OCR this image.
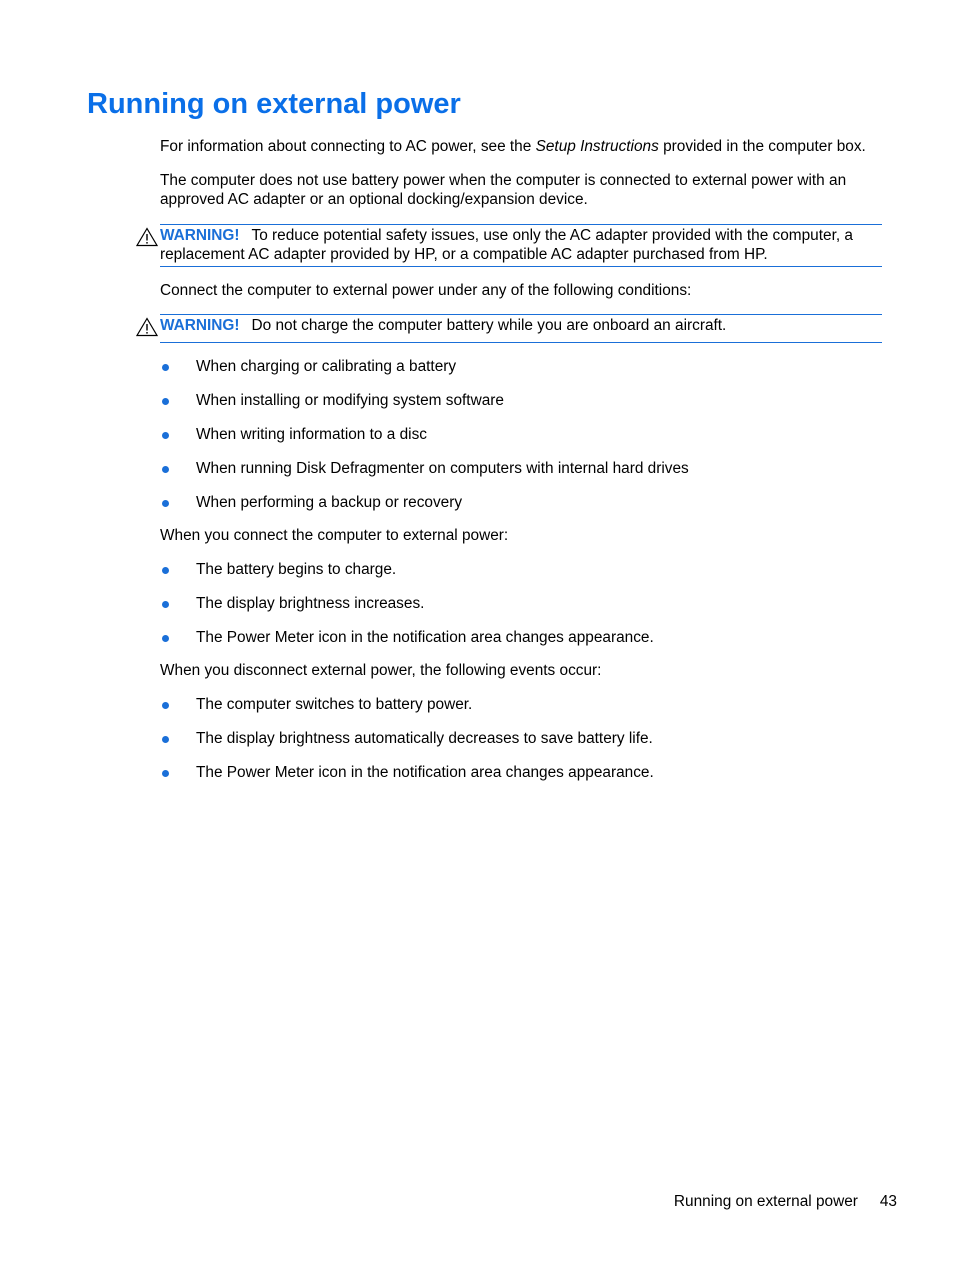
Running on external power

For information about connecting to AC power, see the Setup Instructions provided in the computer box.

The computer does not use battery power when the computer is connected to external power with an approved AC adapter or an optional docking/expansion device.

WARNING! To reduce potential safety issues, use only the AC adapter provided with the computer, a replacement AC adapter provided by HP, or a compatible AC adapter purchased from HP.

Connect the computer to external power under any of the following conditions:

WARNING! Do not charge the computer battery while you are onboard an aircraft.
When charging or calibrating a battery
When installing or modifying system software
When writing information to a disc
When running Disk Defragmenter on computers with internal hard drives
When performing a backup or recovery

When you connect the computer to external power:

The battery begins to charge.
The display brightness increases.
The Power Meter icon in the notification area changes appearance.

When you disconnect external power, the following events occur:

The computer switches to battery power.
The display brightness automatically decreases to save battery life.
The Power Meter icon in the notification area changes appearance.
Running on external power 43
